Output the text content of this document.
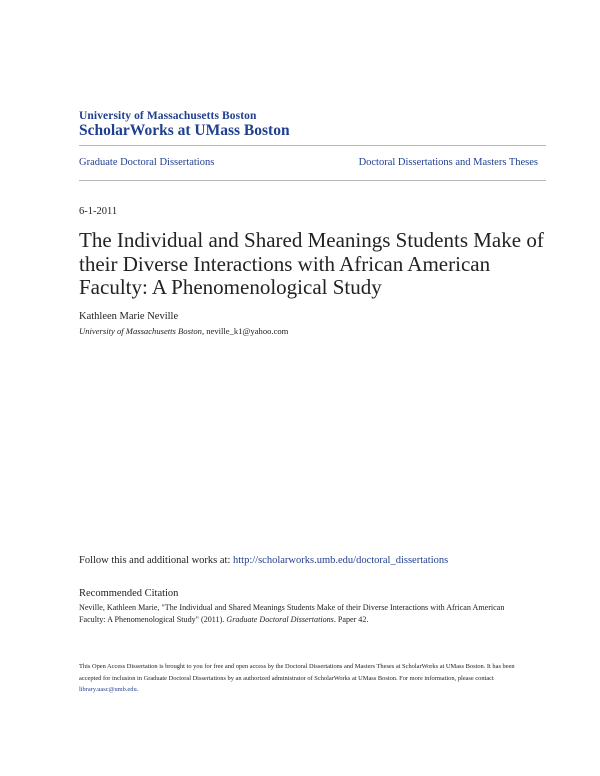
University of Massachusetts Boston
ScholarWorks at UMass Boston
Graduate Doctoral Dissertations	Doctoral Dissertations and Masters Theses
6-1-2011
The Individual and Shared Meanings Students Make of their Diverse Interactions with African American Faculty: A Phenomenological Study
Kathleen Marie Neville
University of Massachusetts Boston, neville_k1@yahoo.com
Follow this and additional works at: http://scholarworks.umb.edu/doctoral_dissertations
Recommended Citation
Neville, Kathleen Marie, "The Individual and Shared Meanings Students Make of their Diverse Interactions with African American Faculty: A Phenomenological Study" (2011). Graduate Doctoral Dissertations. Paper 42.
This Open Access Dissertation is brought to you for free and open access by the Doctoral Dissertations and Masters Theses at ScholarWorks at UMass Boston. It has been accepted for inclusion in Graduate Doctoral Dissertations by an authorized administrator of ScholarWorks at UMass Boston. For more information, please contact library.uasc@umb.edu.
